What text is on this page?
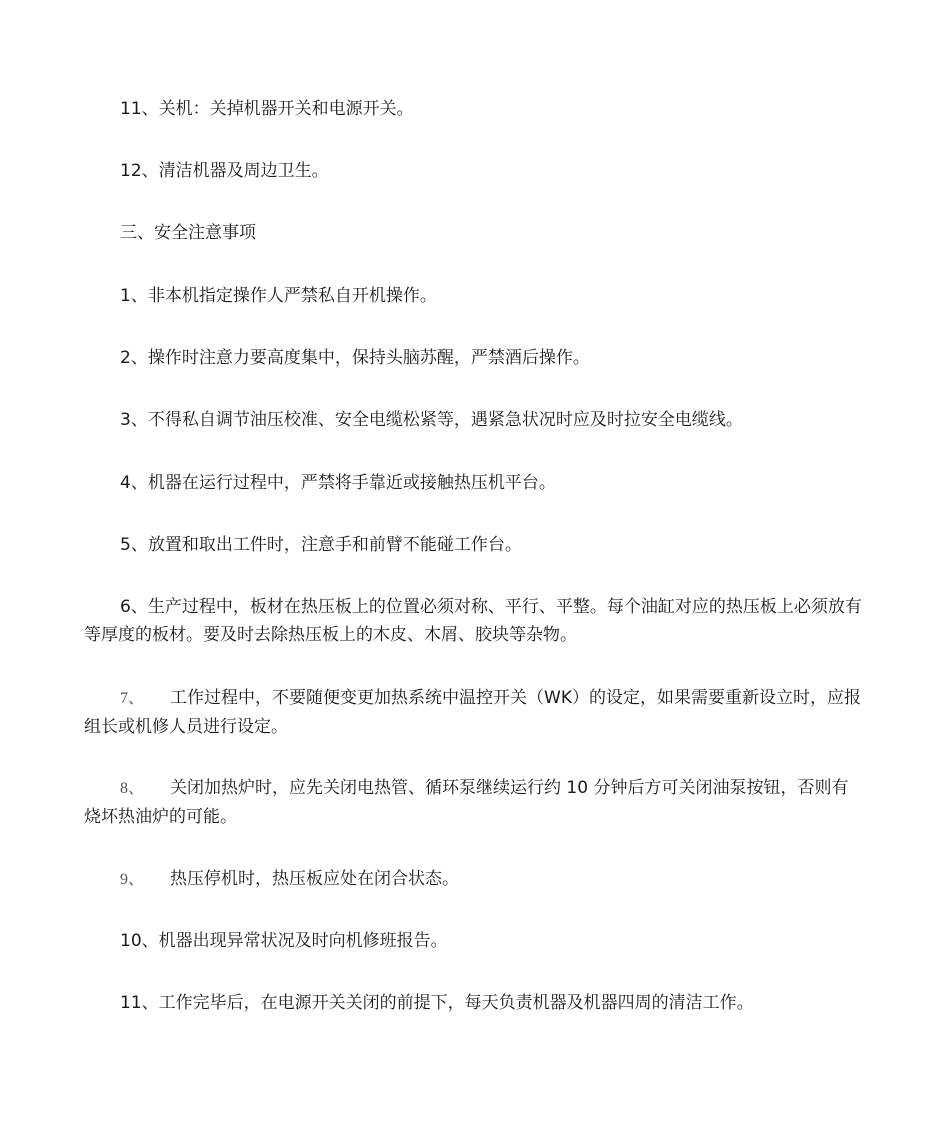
11、关机：关掉机器开关和电源开关。

12、清洁机器及周边卫生。

三、安全注意事项

1、非本机指定操作人严禁私自开机操作。

2、操作时注意力要高度集中，保持头脑苏醒，严禁酒后操作。

3、不得私自调节油压校准、安全电缆松紧等，遇紧急状况时应及时拉安全电缆线。

4、机器在运行过程中，严禁将手靠近或接触热压机平台。

5、放置和取出工件时，注意手和前臂不能碰工作台。

6、生产过程中，板材在热压板上的位置必须对称、平行、平整。每个油缸对应的热压板上必须放有等厚度的板材。要及时去除热压板上的木皮、木屑、胶块等杂物。

7、 工作过程中，不要随便变更加热系统中温控开关（WK）的设定，如果需要重新设立时，应报组长或机修人员进行设定。

8、 关闭加热炉时，应先关闭电热管、循环泵继续运行约 10 分钟后方可关闭油泵按钮，否则有烧坏热油炉的可能。

9、 热压停机时，热压板应处在闭合状态。

10、机器出现异常状况及时向机修班报告。

11、工作完毕后，在电源开关关闭的前提下，每天负责机器及机器四周的清洁工作。
